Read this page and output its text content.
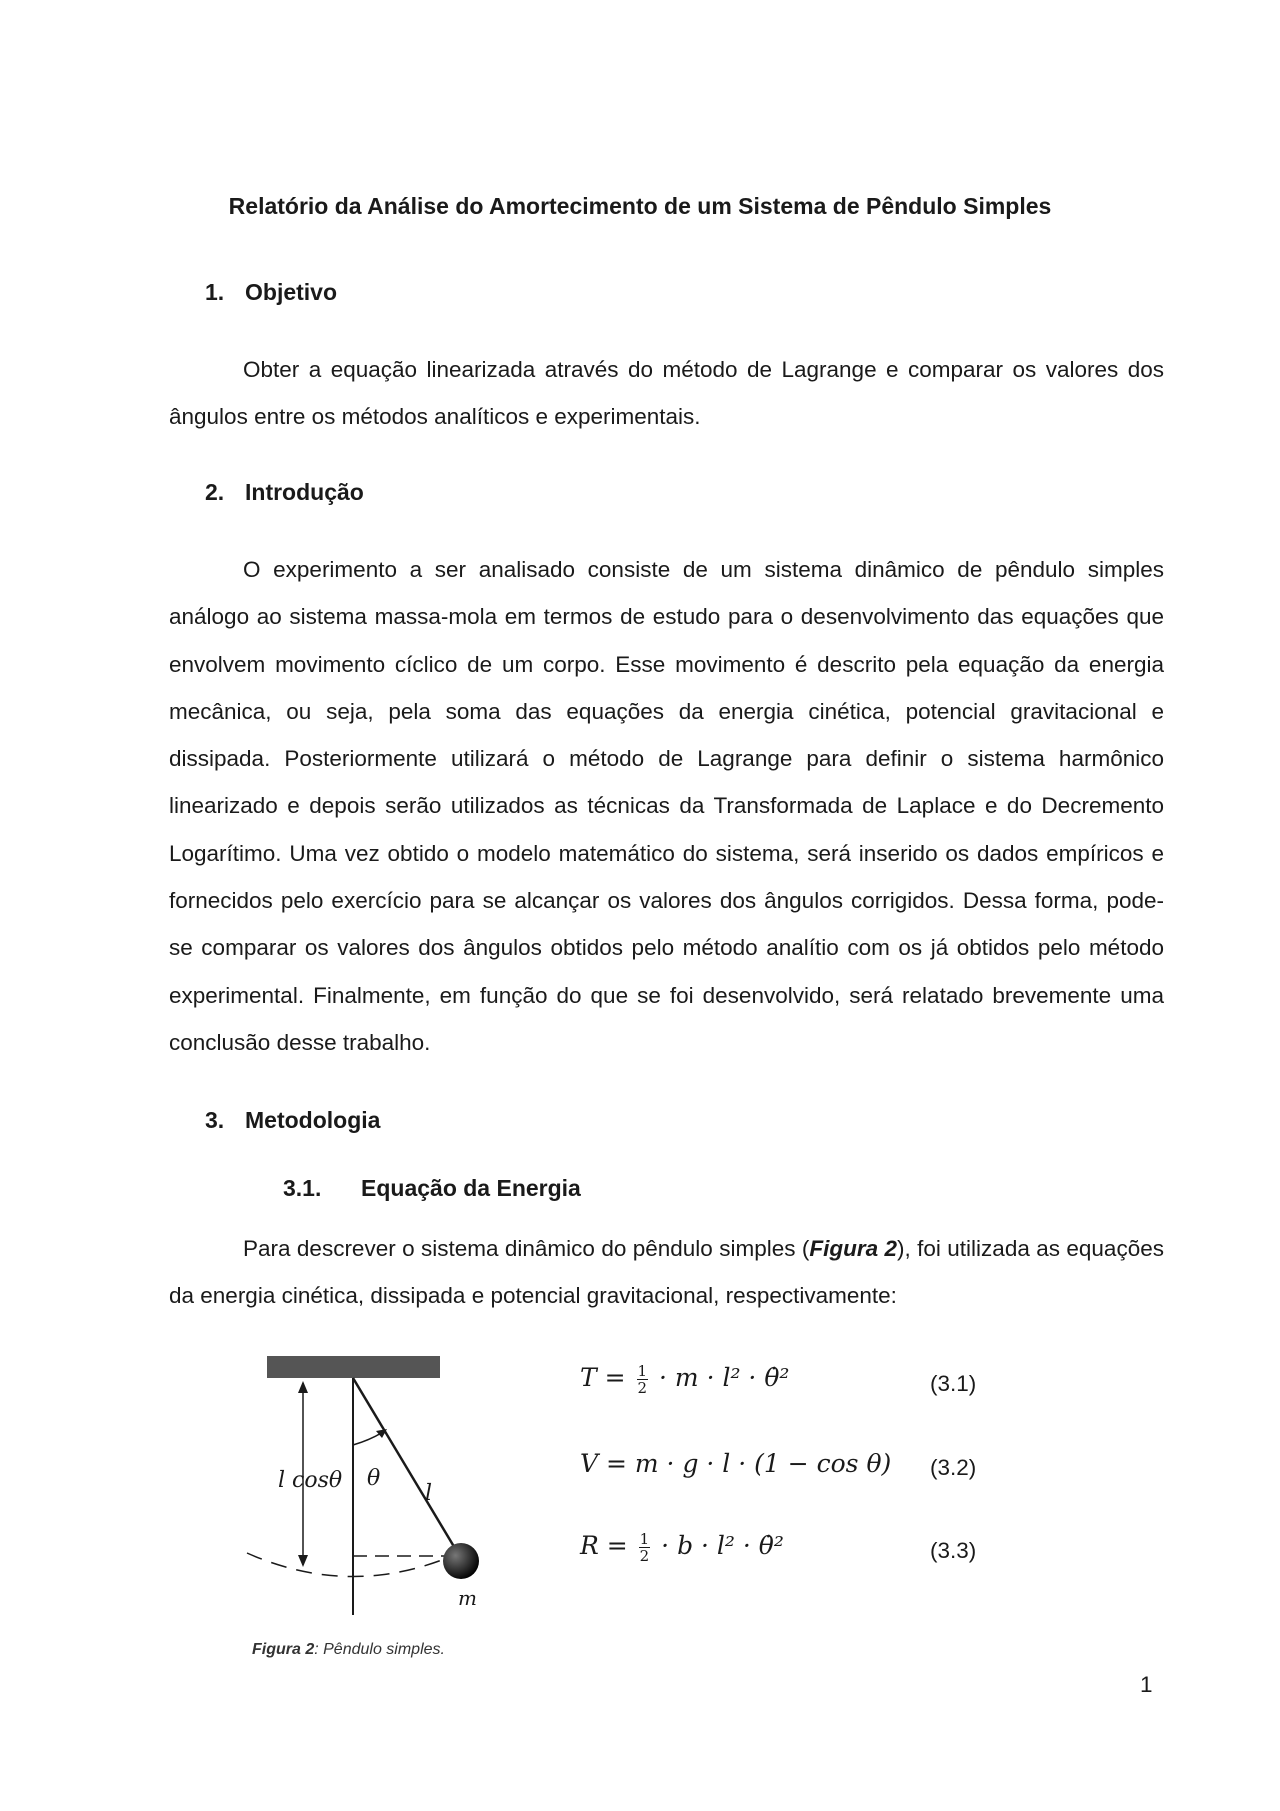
Relatório da Análise do Amortecimento de um Sistema de Pêndulo Simples
1. Objetivo
Obter a equação linearizada através do método de Lagrange e comparar os valores dos ângulos entre os métodos analíticos e experimentais.
2. Introdução
O experimento a ser analisado consiste de um sistema dinâmico de pêndulo simples análogo ao sistema massa-mola em termos de estudo para o desenvolvimento das equações que envolvem movimento cíclico de um corpo. Esse movimento é descrito pela equação da energia mecânica, ou seja, pela soma das equações da energia cinética, potencial gravitacional e dissipada. Posteriormente utilizará o método de Lagrange para definir o sistema harmônico linearizado e depois serão utilizados as técnicas da Transformada de Laplace e do Decremento Logarítimo. Uma vez obtido o modelo matemático do sistema, será inserido os dados empíricos e fornecidos pelo exercício para se alcançar os valores dos ângulos corrigidos. Dessa forma, pode-se comparar os valores dos ângulos obtidos pelo método analítio com os já obtidos pelo método experimental. Finalmente, em função do que se foi desenvolvido, será relatado brevemente uma conclusão desse trabalho.
3. Metodologia
3.1. Equação da Energia
Para descrever o sistema dinâmico do pêndulo simples (Figura 2), foi utilizada as equações da energia cinética, dissipada e potencial gravitacional, respectivamente:
l cosθ θ
l
m
$T = \frac{1}{2} \cdot m \cdot l^2$ · θ̇²	(3.1)
V = m · g · l · (1 − cos θ) (3.2)
$R = \frac{1}{2} \cdot b \cdot l^2$ · θ̇²	(3.3)
Figura 2: Pêndulo simples.
1
